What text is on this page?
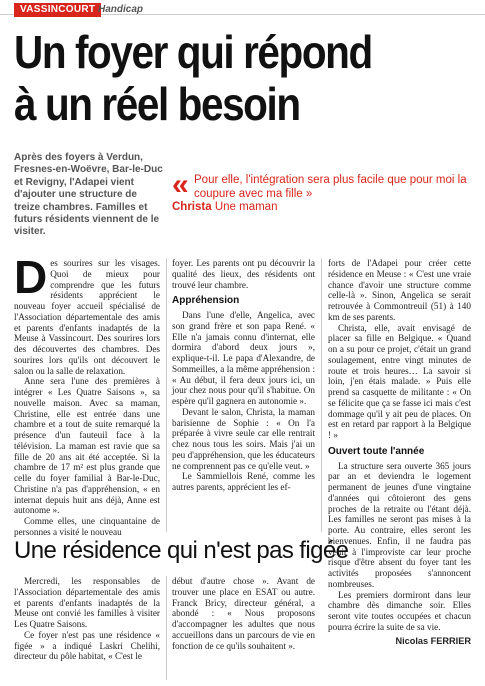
VASSINCOURT Handicap
Un foyer qui répond
à un réel besoin
Après des foyers à Verdun, Fresnes-en-Woëvre, Bar-le-Duc et Revigny, l'Adapei vient d'ajouter une structure de treize chambres. Familles et futurs résidents viennent de le visiter.
« Pour elle, l'intégration sera plus facile que pour moi la coupure avec ma fille »
Christa Une maman

Des sourires sur les visages. Quoi de mieux pour comprendre que les futurs résidents apprécient le nouveau foyer accueil spécialisé de l'Association départementale des amis et parents d'enfants inadaptés de la Meuse à Vassincourt. Des sourires lors des découvertes des chambres. Des sourires lors qu'ils ont découvert le salon ou la salle de relaxation.

Anne sera l'une des premières à intégrer « Les Quatre Saisons », sa nouvelle maison. Avec sa maman, Christine, elle est entrée dans une chambre et a tout de suite remarqué la présence d'un fauteuil face à la télévision. La maman est ravie que sa fille de 20 ans ait été acceptée. Si la chambre de 17 m² est plus grande que celle du foyer familial à Bar-le-Duc, Christine n'a pas d'appréhension, « en internat depuis huit ans déjà, Anne est autonome ».

Comme elles, une cinquantaine de personnes a visité le nouveau

foyer. Les parents ont pu découvrir la qualité des lieux, des résidents ont trouvé leur chambre.

Appréhension

Dans l'une d'elle, Angelica, avec son grand frère et son papa René. « Elle n'a jamais connu d'internat, elle dormira d'abord deux jours », explique-t-il. Le papa d'Alexandre, de Sommeilles, a la même appréhension : « Au début, il fera deux jours ici, un jour chez nous pour qu'il s'habitue. On espère qu'il gagnera en autonomie ».

Devant le salon, Christa, la maman barisienne de Sophie : « On l'a préparée à vivre seule car elle rentrait chez nous tous les soirs. Mais j'ai un peu d'appréhension, que les éducateurs ne comprennent pas ce qu'elle veut. »

Le Sammiellois René, comme les autres parents, apprécient les ef-

forts de l'Adapei pour créer cette résidence en Meuse : « C'est une vraie chance d'avoir une structure comme celle-là ». Sinon, Angelica se serait retrouvée à Commontreuil (51) à 140 km de ses parents.

Christa, elle, avait envisagé de placer sa fille en Belgique. « Quand on a su pour ce projet, c'était un grand soulagement, entre vingt minutes de route et trois heures… La savoir si loin, j'en étais malade. » Puis elle prend sa casquette de militante : « On se félicite que ça se fasse ici mais c'est dommage qu'il y ait peu de places. On est en retard par rapport à la Belgique ! »

Ouvert toute l'année

La structure sera ouverte 365 jours par an et deviendra le logement permanent de jeunes d'une vingtaine d'années qui côtoieront des gens proches de la retraite ou l'étant déjà. Les familles ne seront pas mises à la porte. Au contraire, elles seront les bienvenues. Enfin, il ne faudra pas venir à l'improviste car leur proche risque d'être absent du foyer tant les activités proposées s'annoncent nombreuses.

Les premiers dormiront dans leur chambre dès dimanche soir. Elles seront vite toutes occupées et chacun pourra écrire la suite de sa vie.

Nicolas FERRIER
Une résidence qui n'est pas figée

Mercredi, les responsables de l'Association départementale des amis et parents d'enfants inadaptés de la Meuse ont convié les familles à visiter Les Quatre Saisons.

Ce foyer n'est pas une résidence « figée » a indiqué Laskri Chelihi, directeur du pôle habitat, « C'est le

début d'autre chose ». Avant de trouver une place en ESAT ou autre. Franck Bricy, directeur général, a abondé : « Nous proposons d'accompagner les adultes que nous accueillons dans un parcours de vie en fonction de ce qu'ils souhaitent ».
